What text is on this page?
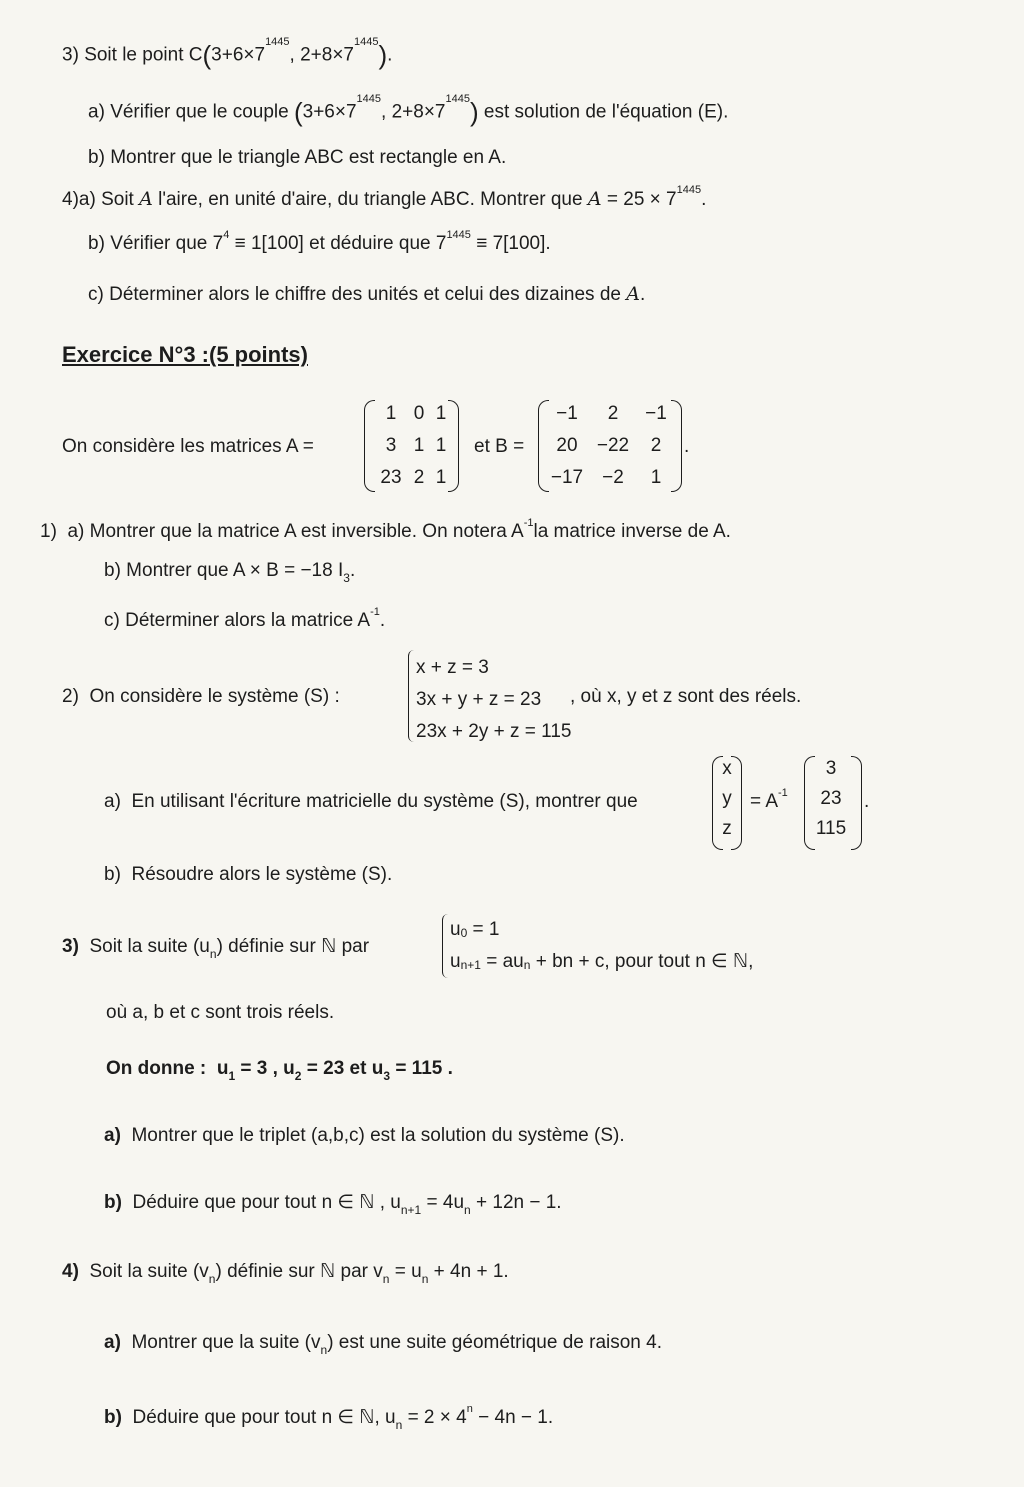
3) Soit le point $C(3+6\times 7^{1445}$, $2+8\times 7^{1445}$).
a) Vérifier que le couple ($3+6\times 7^{1445}$, $2+8\times 7^{1445}$) est solution de l'équation (E).
b) Montrer que le triangle ABC est rectangle en A.
4)a) Soit A l'aire, en unité d'aire, du triangle ABC. Montrer que $A = 25 \times 7^{1445}$.
b) Vérifier que $7^4 \equiv 1[100]$ et déduire que $7^{1445} \equiv 7[100]$.
c) Déterminer alors le chiffre des unités et celui des dizaines de A.
Exercice N°3 :(5 points)
On considère les matrices A =
1 0 1
3 1 1
23 2 1
et B =
−1	2	−1
20	−22	2
−17	−2	1
.
1) a) Montrer que la matrice A est inversible. On notera $A^{-1}la$ matrice inverse de A.
b) Montrer que A × B = −18 $I_3$.
c) Déterminer alors la matrice $A^{-1}$.
2) On considère le système (S) :
x + z = 3
3x + y + z = 23
23x + 2y + z = 115
, où x, y et z sont des réels.
a) En utilisant l'écriture matricielle du système (S), montrer que
x
y
z
= $A^{-1}$
3
23
115
.
b) Résoudre alors le système (S).
3) Soit la suite $(u_n)$ définie sur ℕ par
$u_0 = 1$
$u_{n+1} = au_n$ + bn + c, pour tout n ∈ ℕ,
où a, b et c sont trois réels.
On donne : $u_1 = 3$ , $u_2 = 23$ et $u_3 = 115$ .
a) Montrer que le triplet (a,b,c) est la solution du système (S).
b) Déduire que pour tout n ∈ ℕ , $u_{n+1} = 4u_n + 12n - 1$.
4) Soit la suite $(v_n)$ définie sur ℕ par $v_n = u_n + 4n + 1$.
a) Montrer que la suite $(v_n)$ est une suite géométrique de raison 4.
b) Déduire que pour tout n ∈ ℕ, $u_n = 2 \times 4^n - 4n - 1$.
